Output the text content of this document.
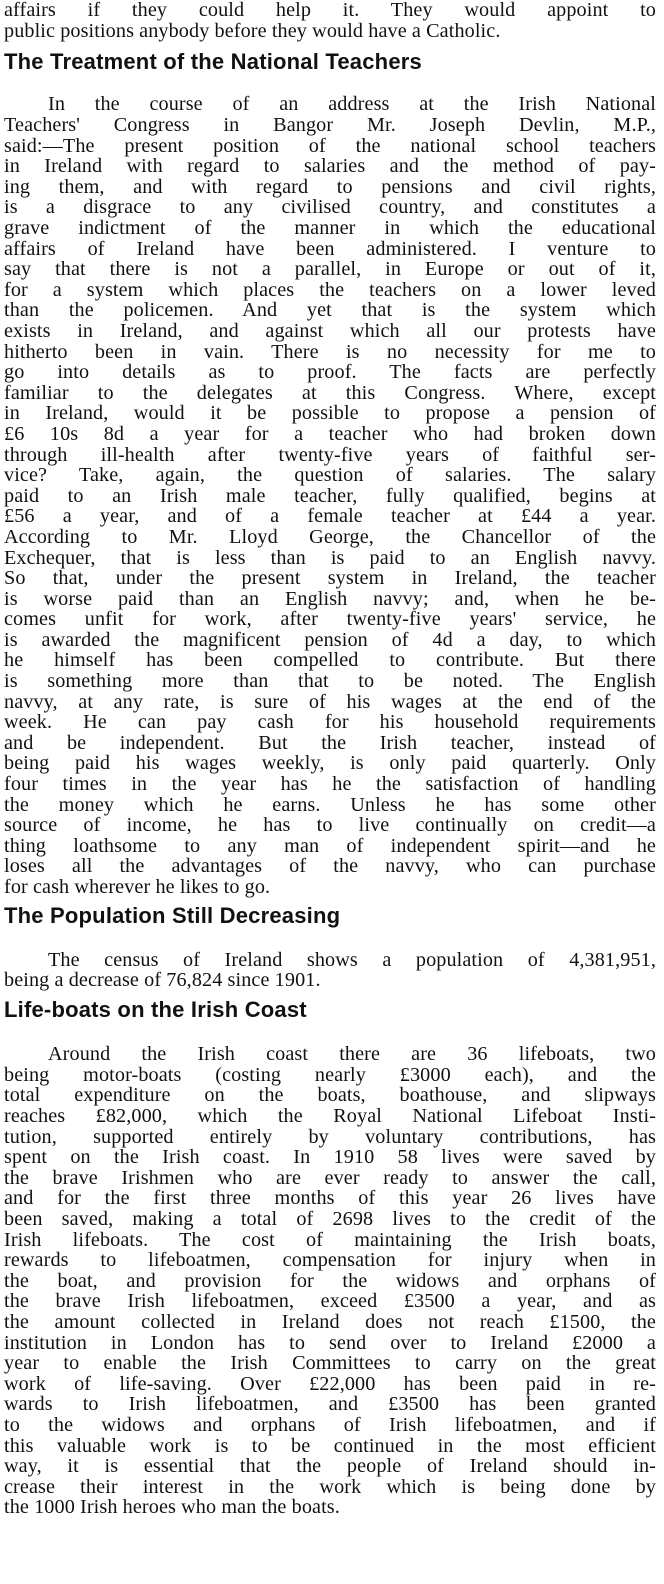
affairs if they could help it. They would appoint to
public positions anybody before they would have a Catholic.
The Treatment of the National Teachers
In the course of an address at the Irish National
Teachers' Congress in Bangor Mr. Joseph Devlin, M.P.,
said:—The present position of the national school teachers
in Ireland with regard to salaries and the method of pay-
ing them, and with regard to pensions and civil rights,
is a disgrace to any civilised country, and constitutes a
grave indictment of the manner in which the educational
affairs of Ireland have been administered. I venture to
say that there is not a parallel, in Europe or out of it,
for a system which places the teachers on a lower leved
than the policemen. And yet that is the system which
exists in Ireland, and against which all our protests have
hitherto been in vain. There is no necessity for me to
go into details as to proof. The facts are perfectly
familiar to the delegates at this Congress. Where, except
in Ireland, would it be possible to propose a pension of
£6 10s 8d a year for a teacher who had broken down
through ill-health after twenty-five years of faithful ser-
vice? Take, again, the question of salaries. The salary
paid to an Irish male teacher, fully qualified, begins at
£56 a year, and of a female teacher at £44 a year.
According to Mr. Lloyd George, the Chancellor of the
Exchequer, that is less than is paid to an English navvy.
So that, under the present system in Ireland, the teacher
is worse paid than an English navvy; and, when he be-
comes unfit for work, after twenty-five years' service, he
is awarded the magnificent pension of 4d a day, to which
he himself has been compelled to contribute. But there
is something more than that to be noted. The English
navvy, at any rate, is sure of his wages at the end of the
week. He can pay cash for his household requirements
and be independent. But the Irish teacher, instead of
being paid his wages weekly, is only paid quarterly. Only
four times in the year has he the satisfaction of handling
the money which he earns. Unless he has some other
source of income, he has to live continually on credit—a
thing loathsome to any man of independent spirit—and he
loses all the advantages of the navvy, who can purchase
for cash wherever he likes to go.
The Population Still Decreasing
The census of Ireland shows a population of 4,381,951,
being a decrease of 76,824 since 1901.
Life-boats on the Irish Coast
Around the Irish coast there are 36 lifeboats, two
being motor-boats (costing nearly £3000 each), and the
total expenditure on the boats, boathouse, and slipways
reaches £82,000, which the Royal National Lifeboat Insti-
tution, supported entirely by voluntary contributions, has
spent on the Irish coast. In 1910 58 lives were saved by
the brave Irishmen who are ever ready to answer the call,
and for the first three months of this year 26 lives have
been saved, making a total of 2698 lives to the credit of the
Irish lifeboats. The cost of maintaining the Irish boats,
rewards to lifeboatmen, compensation for injury when in
the boat, and provision for the widows and orphans of
the brave Irish lifeboatmen, exceed £3500 a year, and as
the amount collected in Ireland does not reach £1500, the
institution in London has to send over to Ireland £2000 a
year to enable the Irish Committees to carry on the great
work of life-saving. Over £22,000 has been paid in re-
wards to Irish lifeboatmen, and £3500 has been granted
to the widows and orphans of Irish lifeboatmen, and if
this valuable work is to be continued in the most efficient
way, it is essential that the people of Ireland should in-
crease their interest in the work which is being done by
the 1000 Irish heroes who man the boats.
